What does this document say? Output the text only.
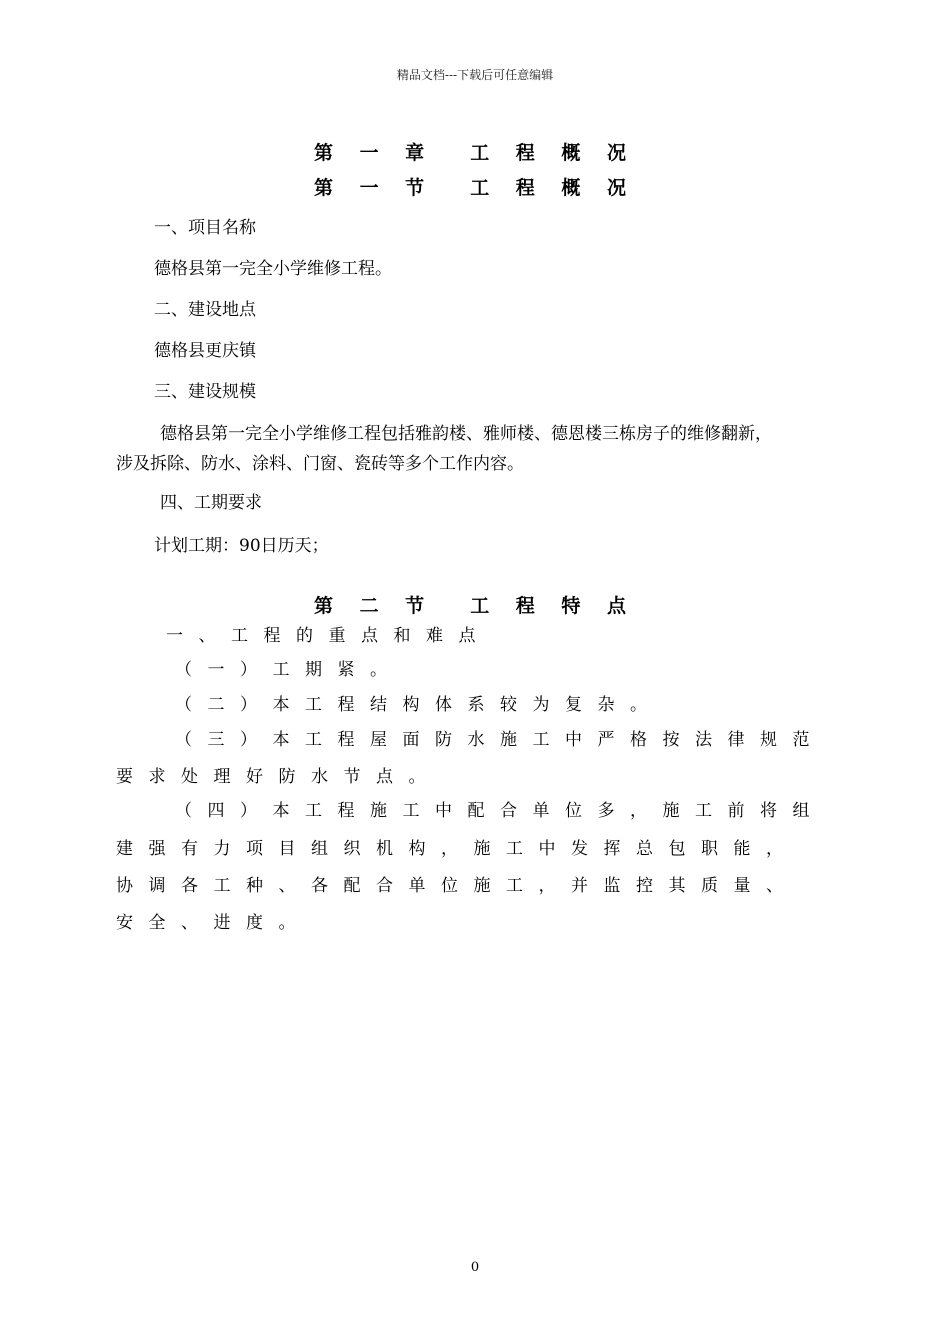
精品文档---下载后可任意编辑
第 一 章 工 程 概 况
第 一 节 工 程 概 况
一、项目名称
德格县第一完全小学维修工程。
二、建设地点
德格县更庆镇
三、建设规模
德格县第一完全小学维修工程包括雅韵楼、雅师楼、德恩楼三栋房子的维修翻新，
涉及拆除、防水、涂料、门窗、瓷砖等多个工作内容。
四、工期要求
计划工期：90日历天；
第 二 节 工 程 特 点
一、工程的重点和难点
（一）工期紧。
（二）本工程结构体系较为复杂。
（三）本工程屋面防水施工中严格按法律规范
要求处理好防水节点。
（四）本工程施工中配合单位多，施工前将组
建强有力项目组织机构，施工中发挥总包职能，
协调各工种、各配合单位施工，并监控其质量、
安全、进度。
0
